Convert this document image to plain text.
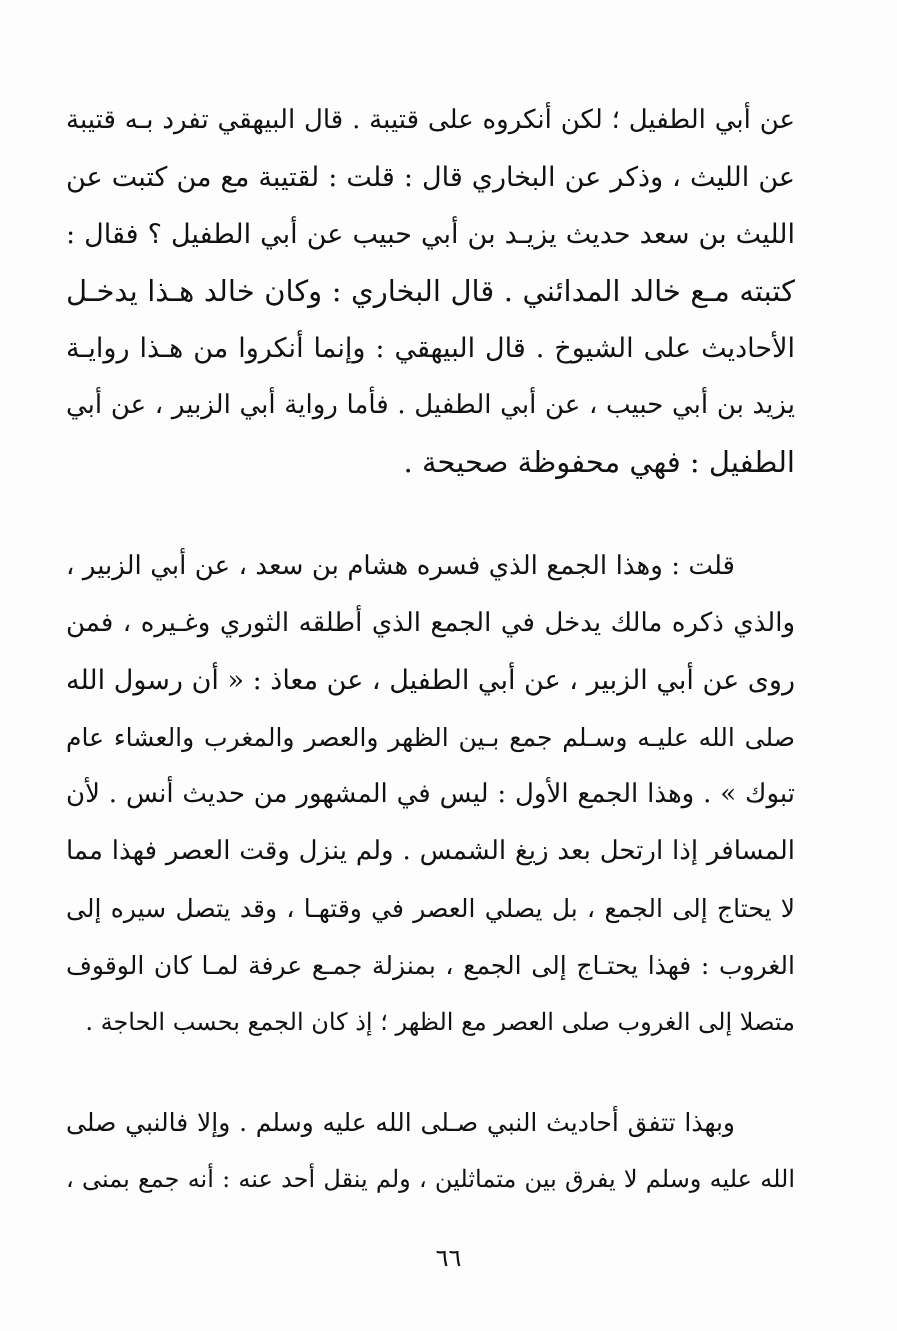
عن أبي الطفيل ؛ لكن أنكروه على قتيبة . قال البيهقي تفرد بـه قتيبة
عن الليث ، وذكر عن البخاري قال : قلت : لقتيبة مع من كتبت عن
الليث بن سعد حديث يزيـد بن أبي حبيب عن أبي الطفيل ؟ فقال :
كتبته مـع خالد المدائني . قال البخاري : وكان خالد هـذا يدخـل
الأحاديث على الشيوخ . قال البيهقي : وإنما أنكروا من هـذا روايـة
يزيد بن أبي حبيب ، عن أبي الطفيل . فأما رواية أبي الزبير ، عن أبي
الطفيل : فهي محفوظة صحيحة .
قلت : وهذا الجمع الذي فسره هشام بن سعد ، عن أبي الزبير ،
والذي ذكره مالك يدخل في الجمع الذي أطلقه الثوري وغـيره ، فمن
روى عن أبي الزبير ، عن أبي الطفيل ، عن معاذ : « أن رسول الله
صلى الله عليـه وسـلم جمع بـين الظهر والعصر والمغرب والعشاء عام
تبوك » . وهذا الجمع الأول : ليس في المشهور من حديث أنس . لأن
المسافر إذا ارتحل بعد زيغ الشمس . ولم ينزل وقت العصر فهذا مما
لا يحتاج إلى الجمع ، بل يصلي العصر في وقتهـا ، وقد يتصل سيره إلى
الغروب : فهذا يحتـاج إلى الجمع ، بمنزلة جمـع عرفة لمـا كان الوقوف
متصلا إلى الغروب صلى العصر مع الظهر ؛ إذ كان الجمع بحسب الحاجة .
وبهذا تتفق أحاديث النبي صـلى الله عليه وسلم . وإلا فالنبي صلى
الله عليه وسلم لا يفرق بين متماثلين ، ولم ينقل أحد عنه : أنه جمع بمنى ،
٦٦
